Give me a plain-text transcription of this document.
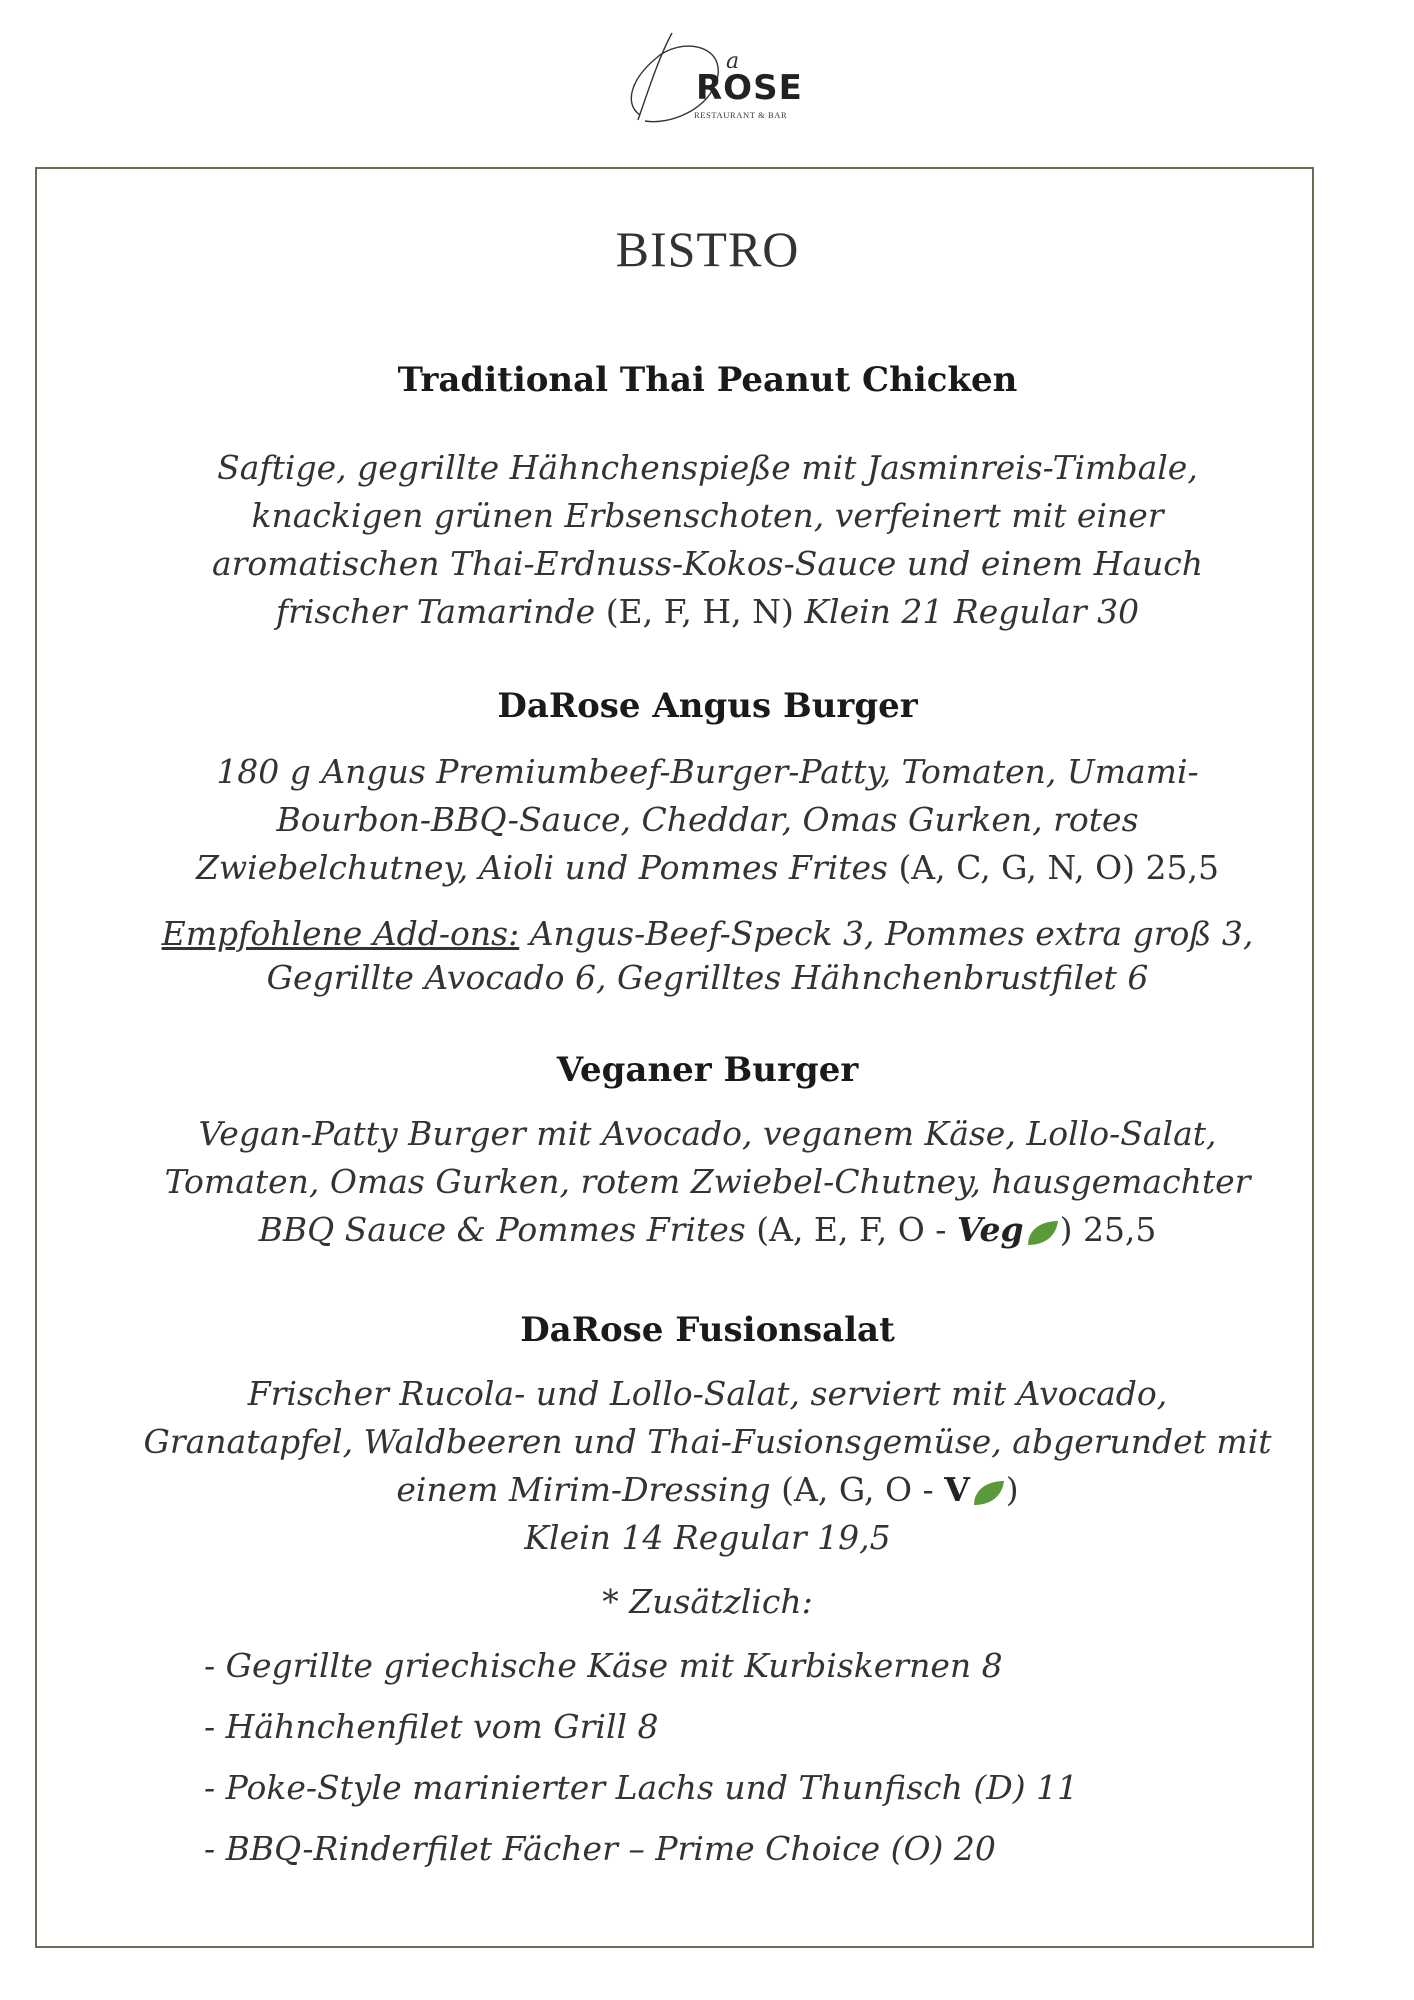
a
ROSE
RESTAURANT & BAR
BISTRO
Traditional Thai Peanut Chicken
Saftige, gegrillte Hähnchenspieße mit Jasminreis-Timbale,
knackigen grünen Erbsenschoten, verfeinert mit einer
aromatischen Thai-Erdnuss-Kokos-Sauce und einem Hauch
frischer Tamarinde (E, F, H, N) Klein 21 Regular 30
DaRose Angus Burger
180 g Angus Premiumbeef-Burger-Patty, Tomaten, Umami-
Bourbon-BBQ-Sauce, Cheddar, Omas Gurken, rotes
Zwiebelchutney, Aioli und Pommes Frites (A, C, G, N, O) 25,5
Empfohlene Add-ons: Angus-Beef-Speck 3, Pommes extra groß 3,
Gegrillte Avocado 6, Gegrilltes Hähnchenbrustfilet 6
Veganer Burger
Vegan-Patty Burger mit Avocado, veganem Käse, Lollo-Salat,
Tomaten, Omas Gurken, rotem Zwiebel-Chutney, hausgemachter
BBQ Sauce & Pommes Frites (A, E, F, O - Veg ) 25,5
DaRose Fusionsalat
Frischer Rucola- und Lollo-Salat, serviert mit Avocado,
Granatapfel, Waldbeeren und Thai-Fusionsgemüse, abgerundet mit
einem Mirim-Dressing (A, G, O - V )
Klein 14 Regular 19,5
* Zusätzlich:
- Gegrillte griechische Käse mit Kurbiskernen 8
- Hähnchenfilet vom Grill 8
- Poke-Style marinierter Lachs und Thunfisch (D) 11
- BBQ-Rinderfilet Fächer – Prime Choice (O) 20
